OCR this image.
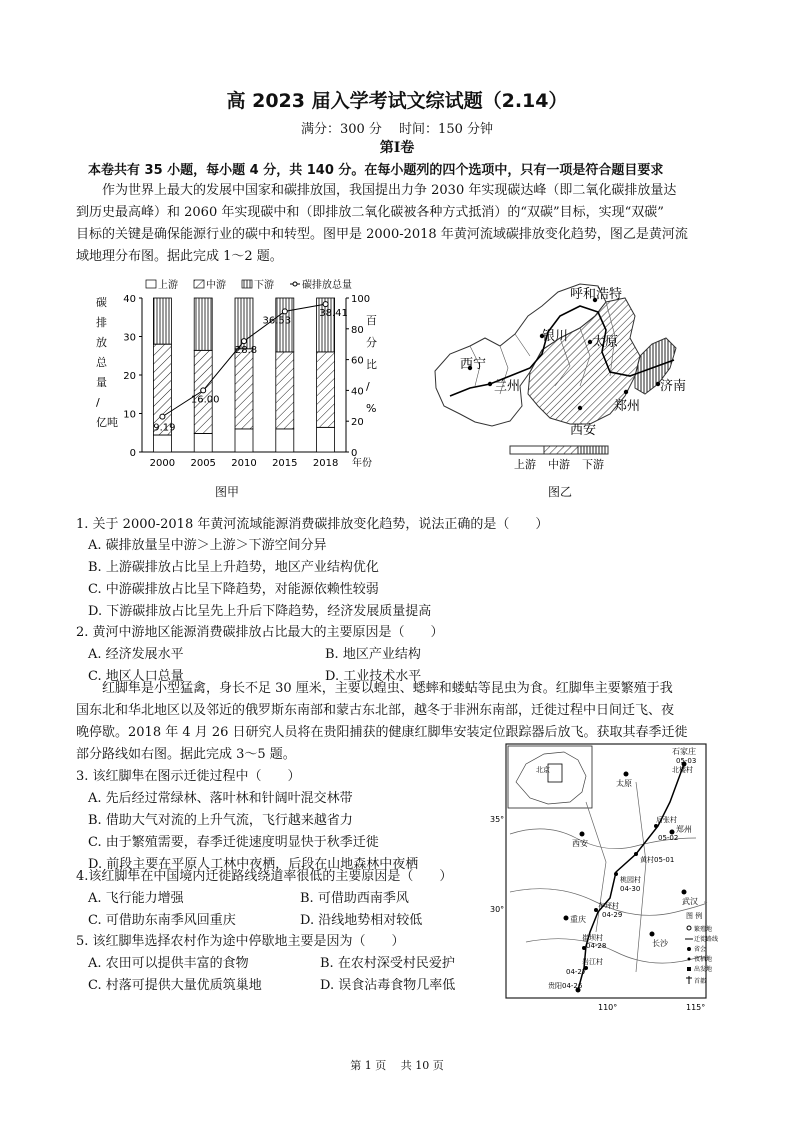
高 2023 届入学考试文综试题（2.14）
满分：300 分　 时间：150 分钟
第Ⅰ卷
本卷共有 35 小题，每小题 4 分，共 140 分。在每小题列的四个选项中，只有一项是符合题目要求
作为世界上最大的发展中国家和碳排放国，我国提出力争 2030 年实现碳达峰（即二氧化碳排放量达
到历史最高峰）和 2060 年实现碳中和（即排放二氧化碳被各种方式抵消）的“双碳”目标，实现“双碳”
目标的关键是确保能源行业的碳中和转型。图甲是 2000-2018 年黄河流域碳排放变化趋势，图乙是黄河流
域地理分布图。据此完成 1～2 题。
0
10
20
30
40
0
20
40
60
80
100
碳
排
放
总
量
/
亿吨
百
分
比
/
%
2000 2005 2010 2015 2018
9.19
16.00
28.8
36.53
38.41
年份
上游	中游	下游	碳排放总量
图甲
呼和浩特
银川 太原
西宁
兰州	济南
郑州
西安
上游 中游 下游
图乙
1. 关于 2000-2018 年黄河流域能源消费碳排放变化趋势，说法正确的是（　　）
A. 碳排放量呈中游＞上游＞下游空间分异
B. 上游碳排放占比呈上升趋势，地区产业结构优化
C. 中游碳排放占比呈下降趋势，对能源依赖性较弱
D. 下游碳排放占比呈先上升后下降趋势，经济发展质量提高
2. 黄河中游地区能源消费碳排放占比最大的主要原因是（　　）
A. 经济发展水平	B. 地区产业结构
C. 地区人口总量	D. 工业技术水平
红脚隼是小型猛禽，身长不足 30 厘米，主要以蝗虫、蟋蟀和蝼蛄等昆虫为食。红脚隼主要繁殖于我
国东北和华北地区以及邻近的俄罗斯东南部和蒙古东北部，越冬于非洲东南部，迁徙过程中日间迁飞、夜
晚停歇。2018 年 4 月 26 日研究人员将在贵阳捕获的健康红脚隼安装定位跟踪器后放飞。获取其春季迁徙
部分路线如右图。据此完成 3～5 题。
3. 该红脚隼在图示迁徙过程中（　　）
A. 先后经过常绿林、落叶林和针阔叶混交林带
B. 借助大气对流的上升气流，飞行越来越省力
C. 由于繁殖需要，春季迁徙速度明显快于秋季迁徙
D. 前段主要在平原人工林中夜栖，后段在山地森林中夜栖
4.该红脚隼在中国境内迁徙路线绕道率很低的主要原因是（　　）
A. 飞行能力增强	B. 可借助西南季风
C. 可借助东南季风回重庆	D. 沿线地势相对较低
5. 该红脚隼选择农村作为途中停歇地主要是因为（　　）
A. 农田可以提供丰富的食物	B. 在农村深受村民爱护
C. 村落可提供大量优质筑巢地	D. 误食沾毒食物几率低
北京
35°
30°
110°	115°
石家庄
05-03
北楼村
太原
西安
后张村
05-02
郑州
黄村05-01
桃园村
04-30
武汉
重庆
车坪村
04-29
长沙
崔坝村
04-28
岩江村
04-27
贵阳04-26
图 例
繁殖地
迁徙路线
省会
夜栖地
出发地
首都
第 1 页　 共 10 页
